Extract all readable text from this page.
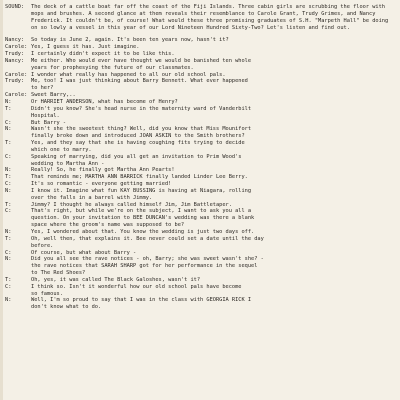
SOUND:	The deck of a cattle boat far off the coast of the Fiji Islands. Three cabin girls are scrubbing the floor with mops and brushes. A second glance at them reveals their resemblance to Carole Grant, Trudy Grimes, and Nancy Frederick. It couldn't be, of course! What would these three promising graduates of S.H. "Marpeth Hall" be doing on so lowly a vessel in this year of our Lord Nineteen Hundred Sixty-Two? Let's listen and find out.
Nancy:	So today is June 2, again. It's been ten years now, hasn't it?
Carole: Yes, I guess it has. Just imagine.
Trudy:	I certainly didn't expect it to be like this.
Nancy:	Me either. Who would ever have thought we would be banished ten whole
years for prophesying the future of our classmates.
Carole: I wonder what really has happened to all our old school pals.
Trudy:	Me, too! I was just thinking about Barry Bennett. What ever happened
to her?
Carole: Sweet Barry,..
N:	Or HARRIET ANDERSON, what has become of Henry?
T:	Didn't you know? She's head nurse in the maternity ward of Vanderbilt
Hospital.
C:	But Barry -
N:	Wasn't she the sweetest thing? Well, did you know that Miss Mounifort
finally broke down and introduced JOAN ASKIN to the Smith brothers?
T:	Yes, and they say that she is having coughing fits trying to decide
which one to marry.
C:	Speaking of marrying, did you all get an invitation to Prim Wood's
wedding to Martha Ann -
N:	Really! So, he finally got Martha Ann Pearts!
T:	That reminds me; MARTHA ANN BARRICK finally landed Linder Lee Berry.
C:	It's so romantic - everyone getting married!
N:	I know it. Imagine what fun KAY BUSSING is having at Niagara, rolling
over the falls in a barrel with Jimmy.
T:	Jimmy? I thought he always called himself Jim, Jim Battletaper.
C:	That's right, but while we're on the subject, I want to ask you all a
question. On your invitation to BEE DUNCAN's wedding was there a blank
space where the groom's name was supposed to be?
N:	Yes, I wondered about that. You know the wedding is just two days off.
T:	Oh, well then, that explains it. Bee never could set a date until the day
before.
C:	Of course, but what about Barry -
N:	Did you all see the rave notices - oh, Barry; she was sweet wasn't she? -
the rave notices that SARAH SHARP got for her performance in the sequel
to The Red Shoes?
T:	Oh, yes, it was called The Black Galoshes, wasn't it?
C:	I think so. Isn't it wonderful how our old school pals have become
so famous.
N:	Well, I'm so proud to say that I was in the class with GEORGIA RICK I
don't know what to do.
